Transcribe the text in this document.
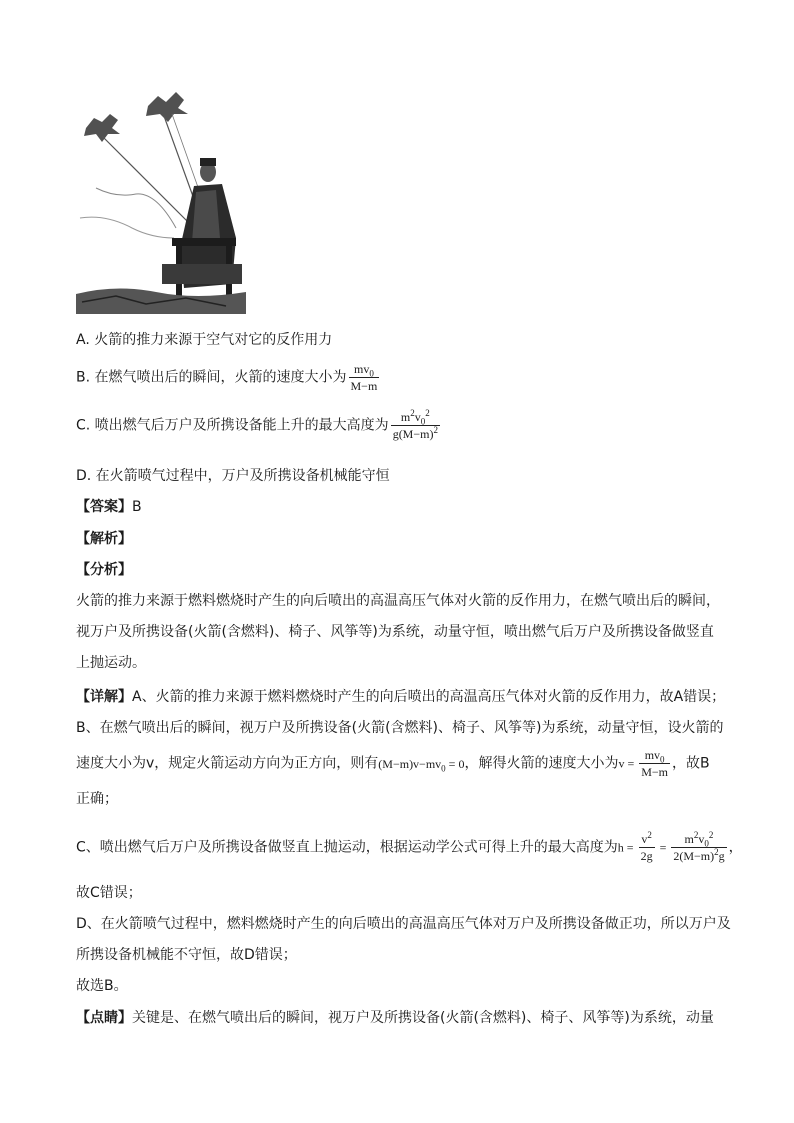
A. 火箭的推力来源于空气对它的反作用力
B. 在燃气喷出后的瞬间，火箭的速度大小为 $\frac{mv_0}{M-m}$
C. 喷出燃气后万户及所携设备能上升的最大高度为 $\frac{m^2v_0^2}{g(M-m)^2}$
D. 在火箭喷气过程中，万户及所携设备机械能守恒
【答案】B
【解析】
【分析】
火箭的推力来源于燃料燃烧时产生的向后喷出的高温高压气体对火箭的反作用力，在燃气喷出后的瞬间，
视万户及所携设备(火箭(含燃料)、椅子、风筝等)为系统，动量守恒，喷出燃气后万户及所携设备做竖直
上抛运动。
【详解】A、火箭的推力来源于燃料燃烧时产生的向后喷出的高温高压气体对火箭的反作用力，故A错误；
B、在燃气喷出后的瞬间，视万户及所携设备(火箭(含燃料)、椅子、风筝等)为系统，动量守恒，设火箭的
速度大小为v，规定火箭运动方向为正方向，则有$(M-m)v-mv_0 = 0$，解得火箭的速度大小为$v = \frac{mv_0}{M-m}$ ，故B
正确；
C、喷出燃气后万户及所携设备做竖直上抛运动，根据运动学公式可得上升的最大高度为$h = \frac{v^2}{2g} = \frac{m^2v_0^2}{2(M-m)^2g}$ ，
故C错误；
D、在火箭喷气过程中，燃料燃烧时产生的向后喷出的高温高压气体对万户及所携设备做正功，所以万户及
所携设备机械能不守恒，故D错误；
故选B。
【点睛】关键是、在燃气喷出后的瞬间，视万户及所携设备(火箭(含燃料)、椅子、风筝等)为系统，动量
